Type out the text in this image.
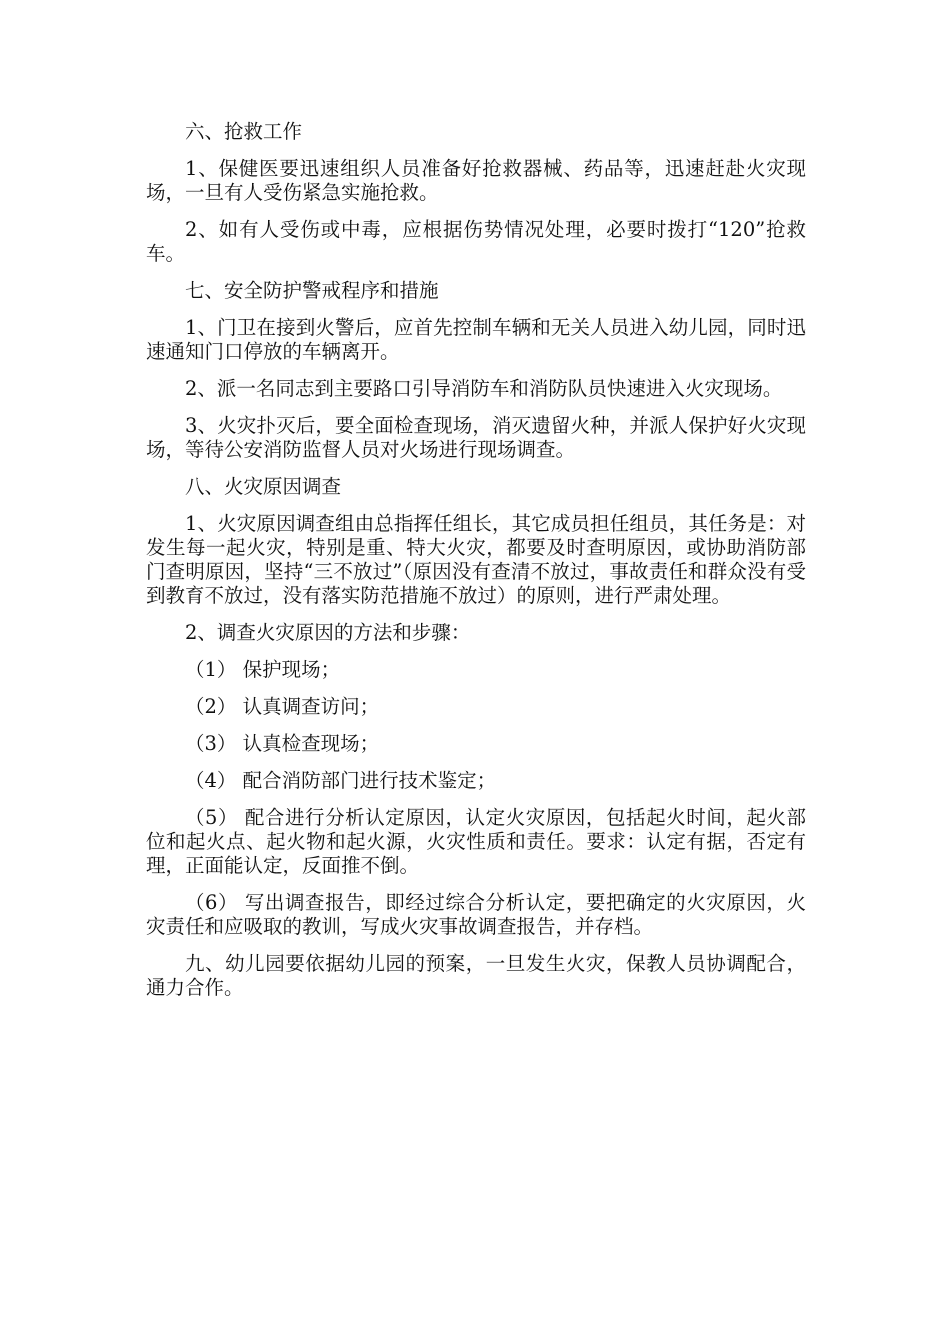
六、抢救工作

1、保健医要迅速组织人员准备好抢救器械、药品等，迅速赶赴火灾现场，一旦有人受伤紧急实施抢救。

2、如有人受伤或中毒，应根据伤势情况处理，必要时拨打“120”抢救车。

七、安全防护警戒程序和措施

1、门卫在接到火警后，应首先控制车辆和无关人员进入幼儿园，同时迅速通知门口停放的车辆离开。

2、派一名同志到主要路口引导消防车和消防队员快速进入火灾现场。

3、火灾扑灭后，要全面检查现场，消灭遗留火种，并派人保护好火灾现场，等待公安消防监督人员对火场进行现场调查。

八、火灾原因调查

1、火灾原因调查组由总指挥任组长，其它成员担任组员，其任务是：对发生每一起火灾，特别是重、特大火灾，都要及时查明原因，或协助消防部门查明原因，坚持“三不放过”（原因没有查清不放过，事故责任和群众没有受到教育不放过，没有落实防范措施不放过）的原则，进行严肃处理。

2、调查火灾原因的方法和步骤：

（1） 保护现场；

（2） 认真调查访问；

（3） 认真检查现场；

（4） 配合消防部门进行技术鉴定；

（5） 配合进行分析认定原因，认定火灾原因，包括起火时间，起火部位和起火点、起火物和起火源，火灾性质和责任。要求：认定有据，否定有理，正面能认定，反面推不倒。

（6） 写出调查报告，即经过综合分析认定，要把确定的火灾原因，火灾责任和应吸取的教训，写成火灾事故调查报告，并存档。

九、幼儿园要依据幼儿园的预案，一旦发生火灾，保教人员协调配合，通力合作。
